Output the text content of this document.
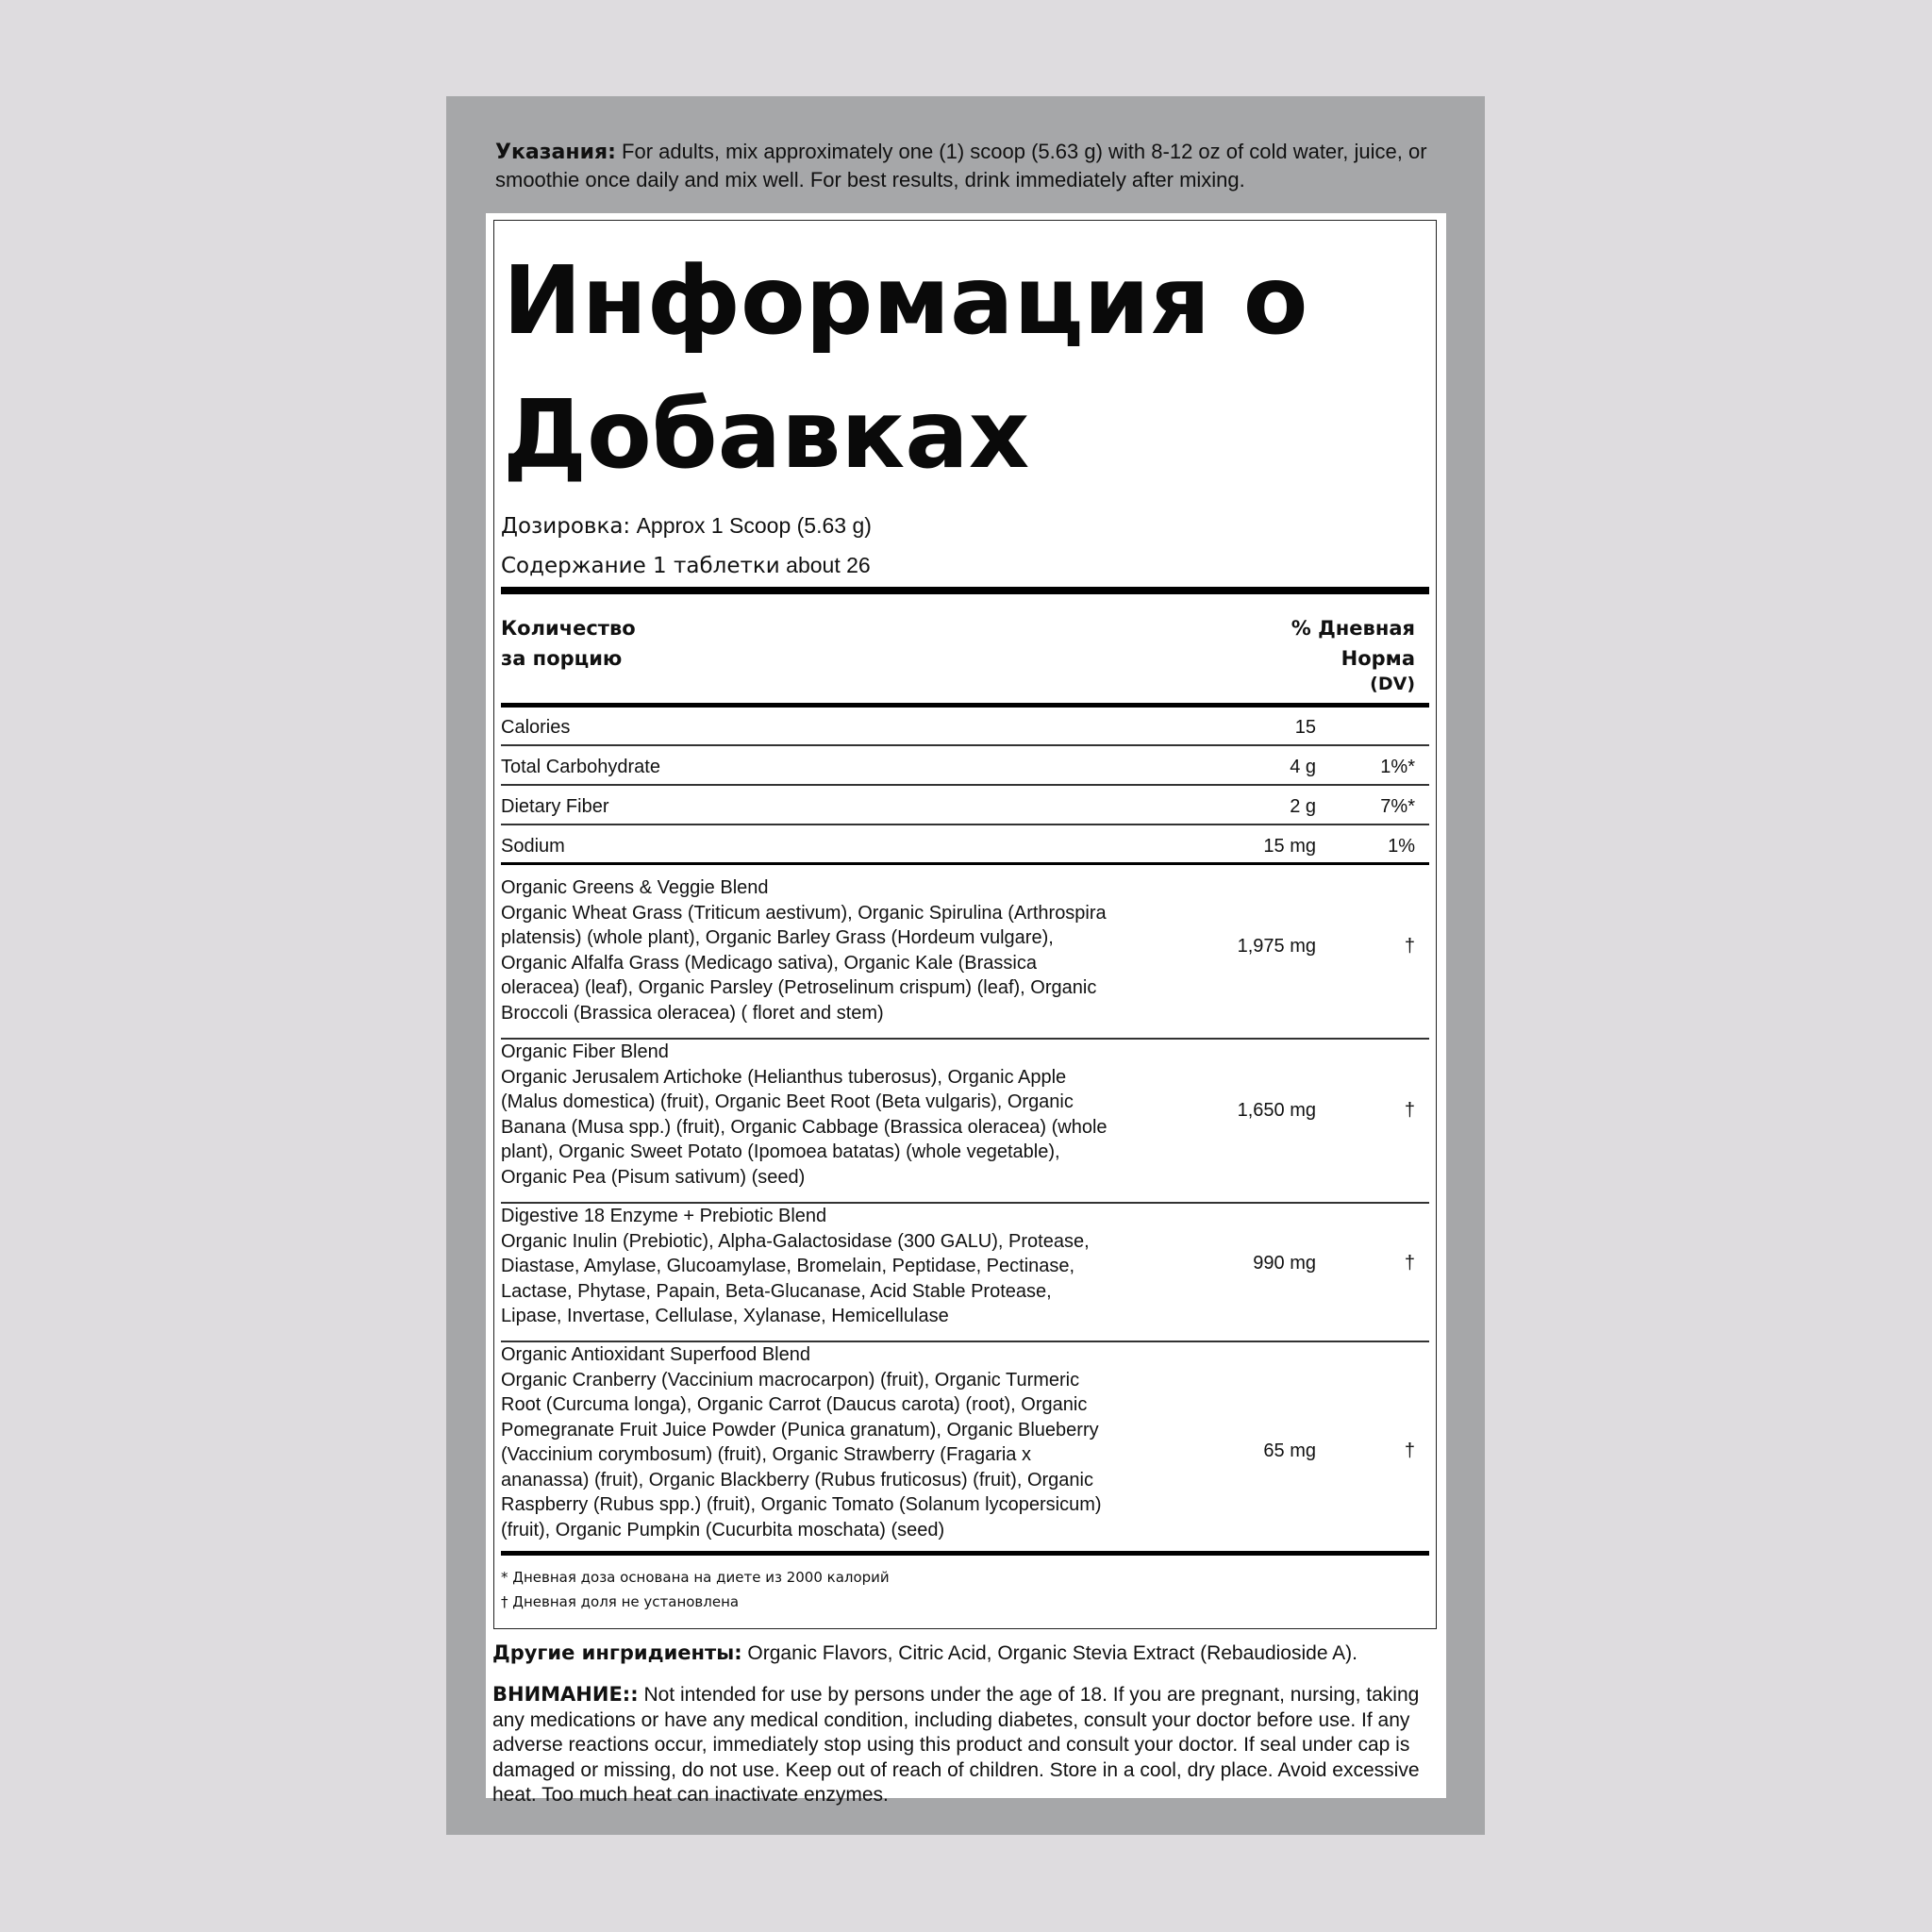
Указания: For adults, mix approximately one (1) scoop (5.63 g) with 8-12 oz of cold water, juice, or smoothie once daily and mix well. For best results, drink immediately after mixing.
Информация о Добавках
Дозировка: Approx 1 Scoop (5.63 g)
Содержание 1 таблетки about 26
Количество
за порцию
% Дневная
Норма
(DV)
Calories	15
Total Carbohydrate	4 g	1%*
Dietary Fiber	2 g	7%*
Sodium	15 mg	1%
Organic Greens & Veggie Blend
Organic Wheat Grass (Triticum aestivum), Organic Spirulina (Arthrospira platensis) (whole plant), Organic Barley Grass (Hordeum vulgare), Organic Alfalfa Grass (Medicago sativa), Organic Kale (Brassica oleracea) (leaf), Organic Parsley (Petroselinum crispum) (leaf), Organic Broccoli (Brassica oleracea) ( floret and stem)
1,975 mg	†
Organic Fiber Blend
Organic Jerusalem Artichoke (Helianthus tuberosus), Organic Apple (Malus domestica) (fruit), Organic Beet Root (Beta vulgaris), Organic Banana (Musa spp.) (fruit), Organic Cabbage (Brassica oleracea) (whole plant), Organic Sweet Potato (Ipomoea batatas) (whole vegetable), Organic Pea (Pisum sativum) (seed)
1,650 mg	†
Digestive 18 Enzyme + Prebiotic Blend
Organic Inulin (Prebiotic), Alpha-Galactosidase (300 GALU), Protease, Diastase, Amylase, Glucoamylase, Bromelain, Peptidase, Pectinase, Lactase, Phytase, Papain, Beta-Glucanase, Acid Stable Protease, Lipase, Invertase, Cellulase, Xylanase, Hemicellulase
990 mg	†
Organic Antioxidant Superfood Blend
Organic Cranberry (Vaccinium macrocarpon) (fruit), Organic Turmeric Root (Curcuma longa), Organic Carrot (Daucus carota) (root), Organic Pomegranate Fruit Juice Powder (Punica granatum), Organic Blueberry (Vaccinium corymbosum) (fruit), Organic Strawberry (Fragaria x ananassa) (fruit), Organic Blackberry (Rubus fruticosus) (fruit), Organic Raspberry (Rubus spp.) (fruit), Organic Tomato (Solanum lycopersicum) (fruit), Organic Pumpkin (Cucurbita moschata) (seed)
65 mg	†
* Дневная доза основана на диете из 2000 калорий
† Дневная доля не установлена
Другие ингридиенты: Organic Flavors, Citric Acid, Organic Stevia Extract (Rebaudioside A).
ВНИМАНИЕ:: Not intended for use by persons under the age of 18. If you are pregnant, nursing, taking any medications or have any medical condition, including diabetes, consult your doctor before use. If any adverse reactions occur, immediately stop using this product and consult your doctor. If seal under cap is damaged or missing, do not use. Keep out of reach of children. Store in a cool, dry place. Avoid excessive heat. Too much heat can inactivate enzymes.
